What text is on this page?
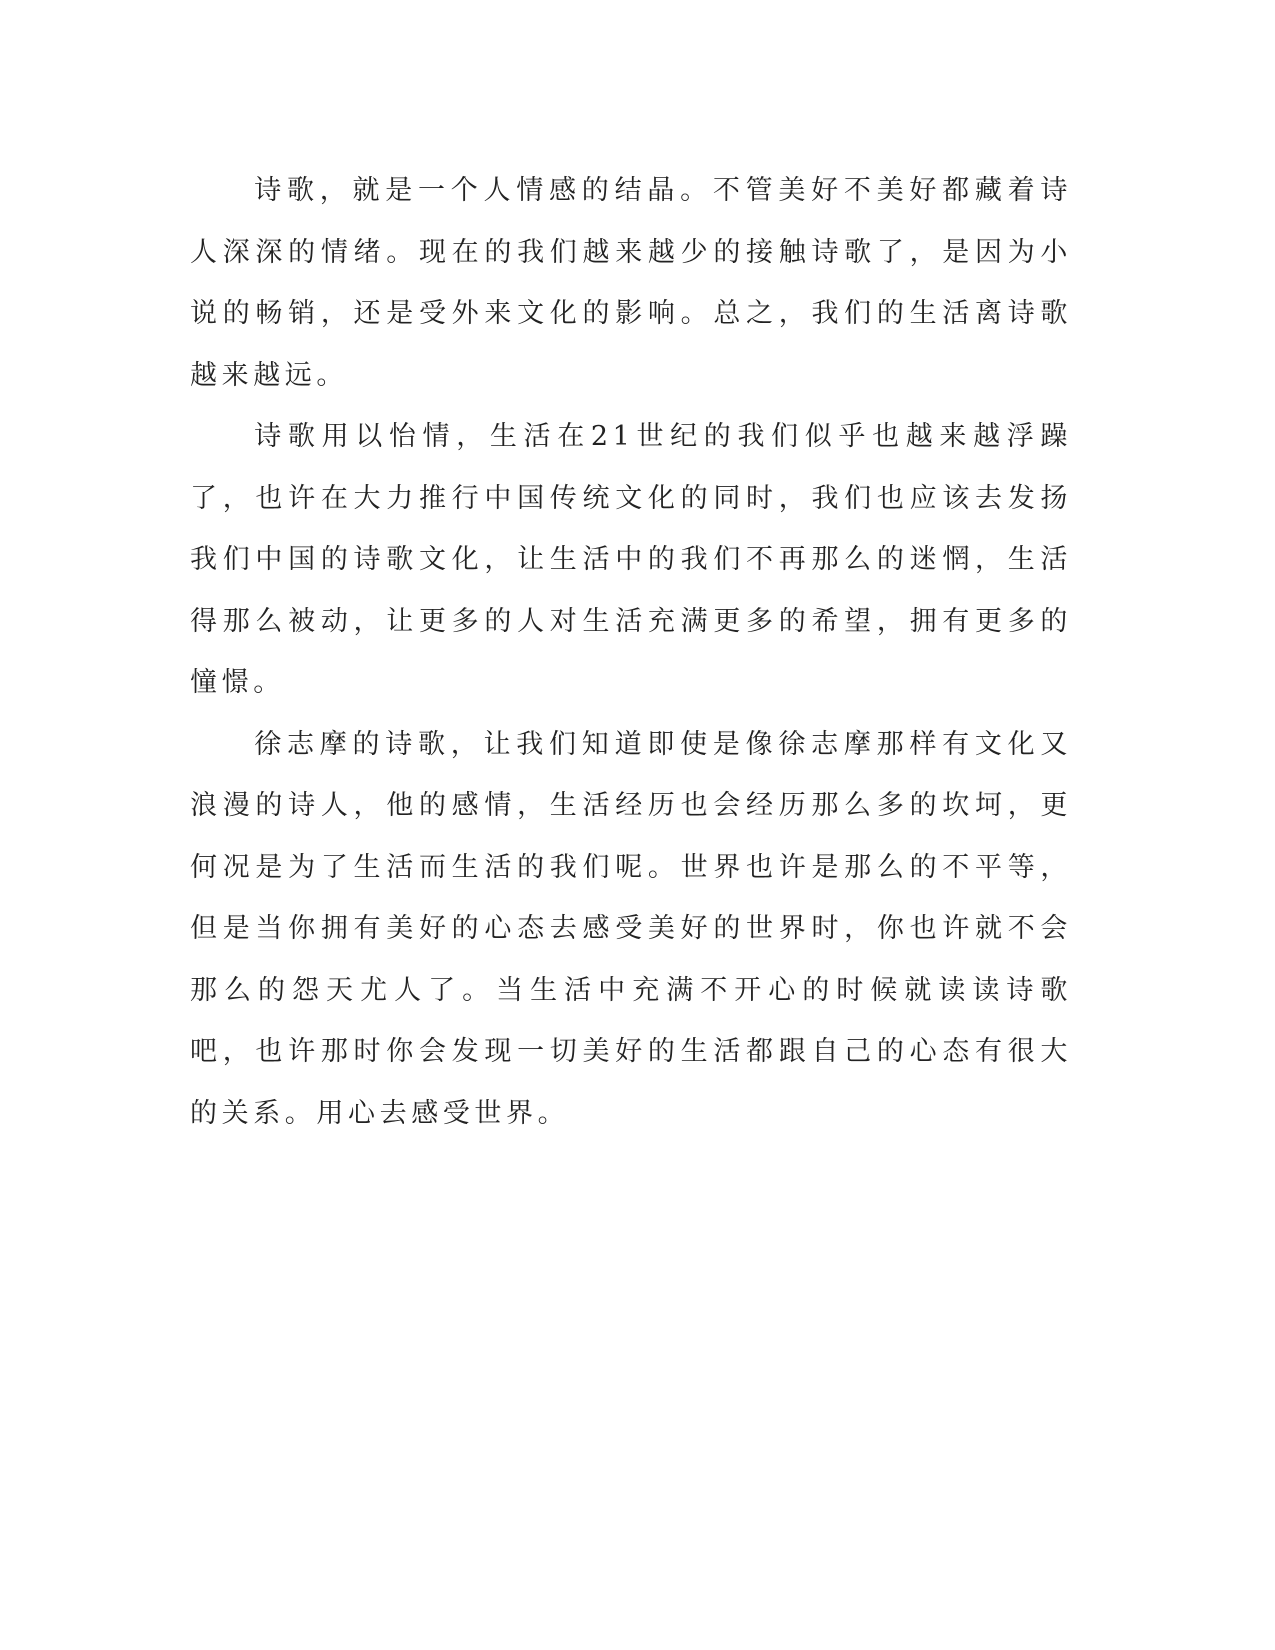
诗歌，就是一个人情感的结晶。不管美好不美好都藏着诗人深深的情绪。现在的我们越来越少的接触诗歌了，是因为小说的畅销，还是受外来文化的影响。总之，我们的生活离诗歌越来越远。

诗歌用以怡情，生活在21世纪的我们似乎也越来越浮躁了，也许在大力推行中国传统文化的同时，我们也应该去发扬我们中国的诗歌文化，让生活中的我们不再那么的迷惘，生活得那么被动，让更多的人对生活充满更多的希望，拥有更多的憧憬。

徐志摩的诗歌，让我们知道即使是像徐志摩那样有文化又浪漫的诗人，他的感情，生活经历也会经历那么多的坎坷，更何况是为了生活而生活的我们呢。世界也许是那么的不平等，但是当你拥有美好的心态去感受美好的世界时，你也许就不会那么的怨天尤人了。当生活中充满不开心的时候就读读诗歌吧，也许那时你会发现一切美好的生活都跟自己的心态有很大的关系。用心去感受世界。
